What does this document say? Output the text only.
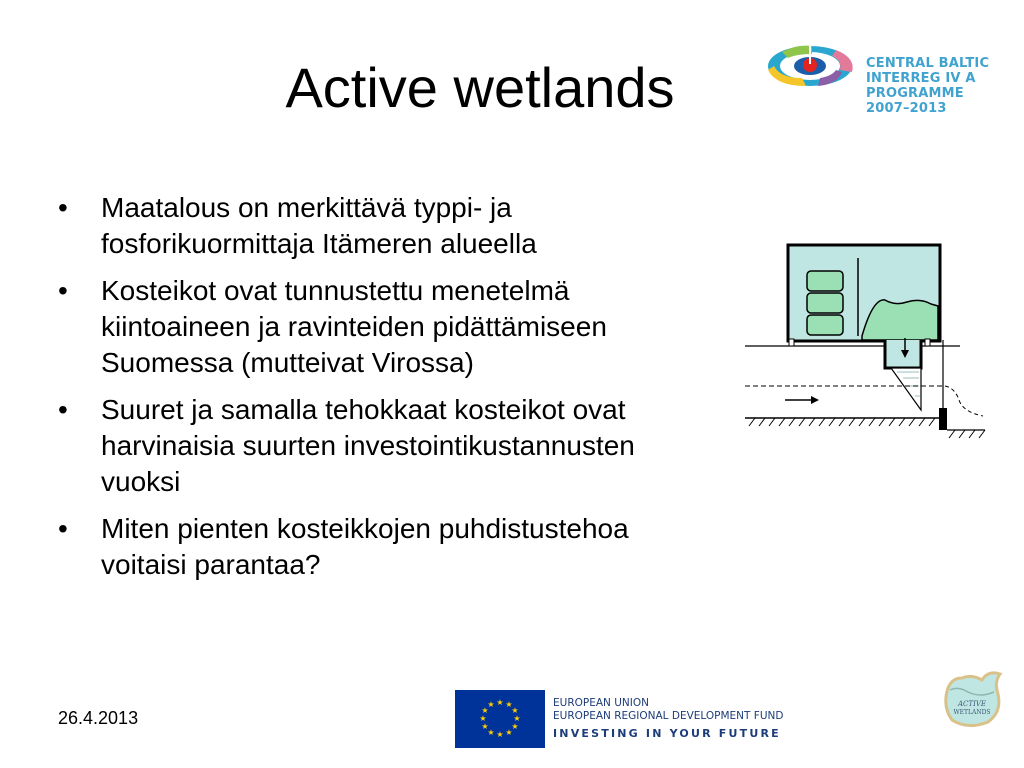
Active wetlands	CENTRAL BALTIC
INTERREG IV A
PROGRAMME
2007–2013
• Maatalous on merkittävä typpi- ja fosforikuormittaja Itämeren alueella
• Kosteikot ovat tunnustettu menetelmä kiintoaineen ja ravinteiden pidättämiseen Suomessa (mutteivat Virossa)
• Suuret ja samalla tehokkaat kosteikot ovat harvinaisia suurten investointikustannusten vuoksi
• Miten pienten kosteikkojen puhdistustehoa voitaisi parantaa?
26.4.2013
★ ★
★
★
★
★
★
★
★
★
★
★	EUROPEAN UNION
EUROPEAN REGIONAL DEVELOPMENT FUND
INVESTING IN YOUR FUTURE
ACTIVE
WETLANDS
